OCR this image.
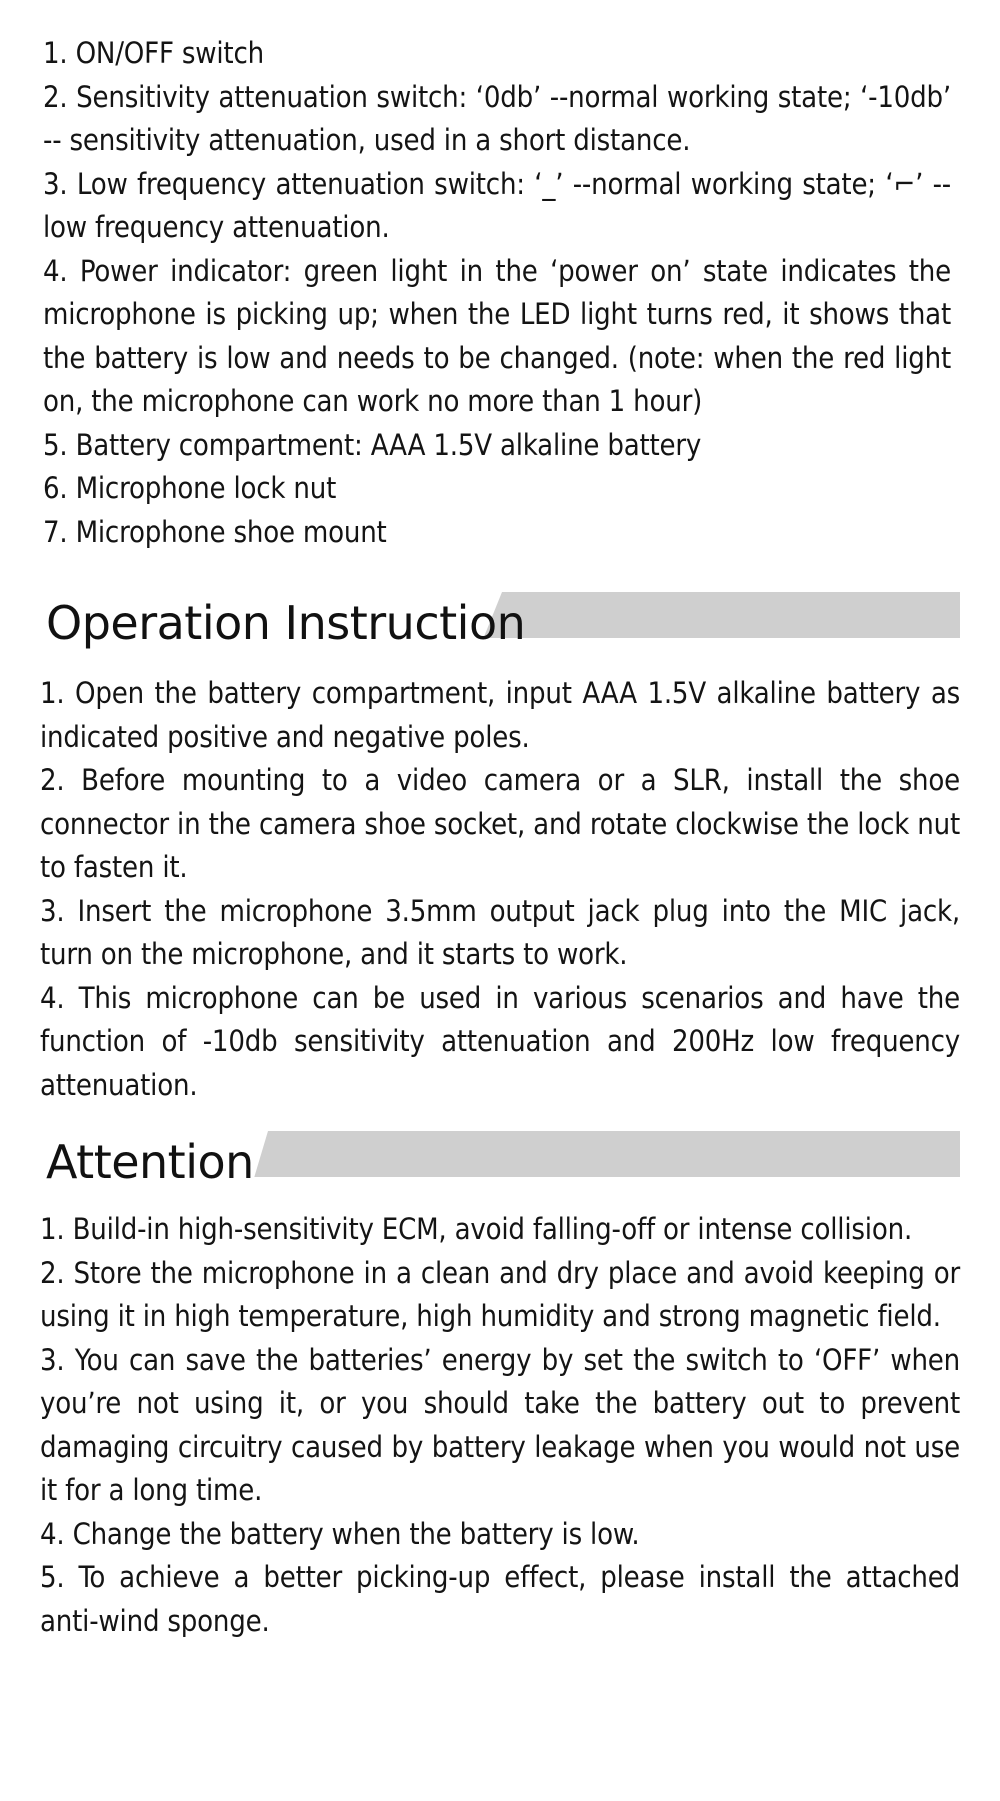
1. ON/OFF switch

2. Sensitivity attenuation switch: ‘0db’ --normal working state; ‘-10db’ -- sensitivity attenuation, used in a short distance.

3. Low frequency attenuation switch: ‘_’ --normal working state; ‘⌐’ --low frequency attenuation.

4. Power indicator: green light in the ‘power on’ state indicates the microphone is picking up; when the LED light turns red, it shows that the battery is low and needs to be changed. (note: when the red light on, the microphone can work no more than 1 hour)

5. Battery compartment: AAA 1.5V alkaline battery

6. Microphone lock nut

7. Microphone shoe mount

Operation Instruction

1. Open the battery compartment, input AAA 1.5V alkaline battery as indicated positive and negative poles.

2. Before mounting to a video camera or a SLR, install the shoe connector in the camera shoe socket, and rotate clockwise the lock nut to fasten it.

3. Insert the microphone 3.5mm output jack plug into the MIC jack, turn on the microphone, and it starts to work.

4. This microphone can be used in various scenarios and have the function of -10db sensitivity attenuation and 200Hz low frequency attenuation.

Attention

1. Build-in high-sensitivity ECM, avoid falling-off or intense collision.

2. Store the microphone in a clean and dry place and avoid keeping or using it in high temperature, high humidity and strong magnetic field.

3. You can save the batteries’ energy by set the switch to ‘OFF’ when you’re not using it, or you should take the battery out to prevent damaging circuitry caused by battery leakage when you would not use it for a long time.

4. Change the battery when the battery is low.

5. To achieve a better picking-up effect, please install the attached anti-wind sponge.
